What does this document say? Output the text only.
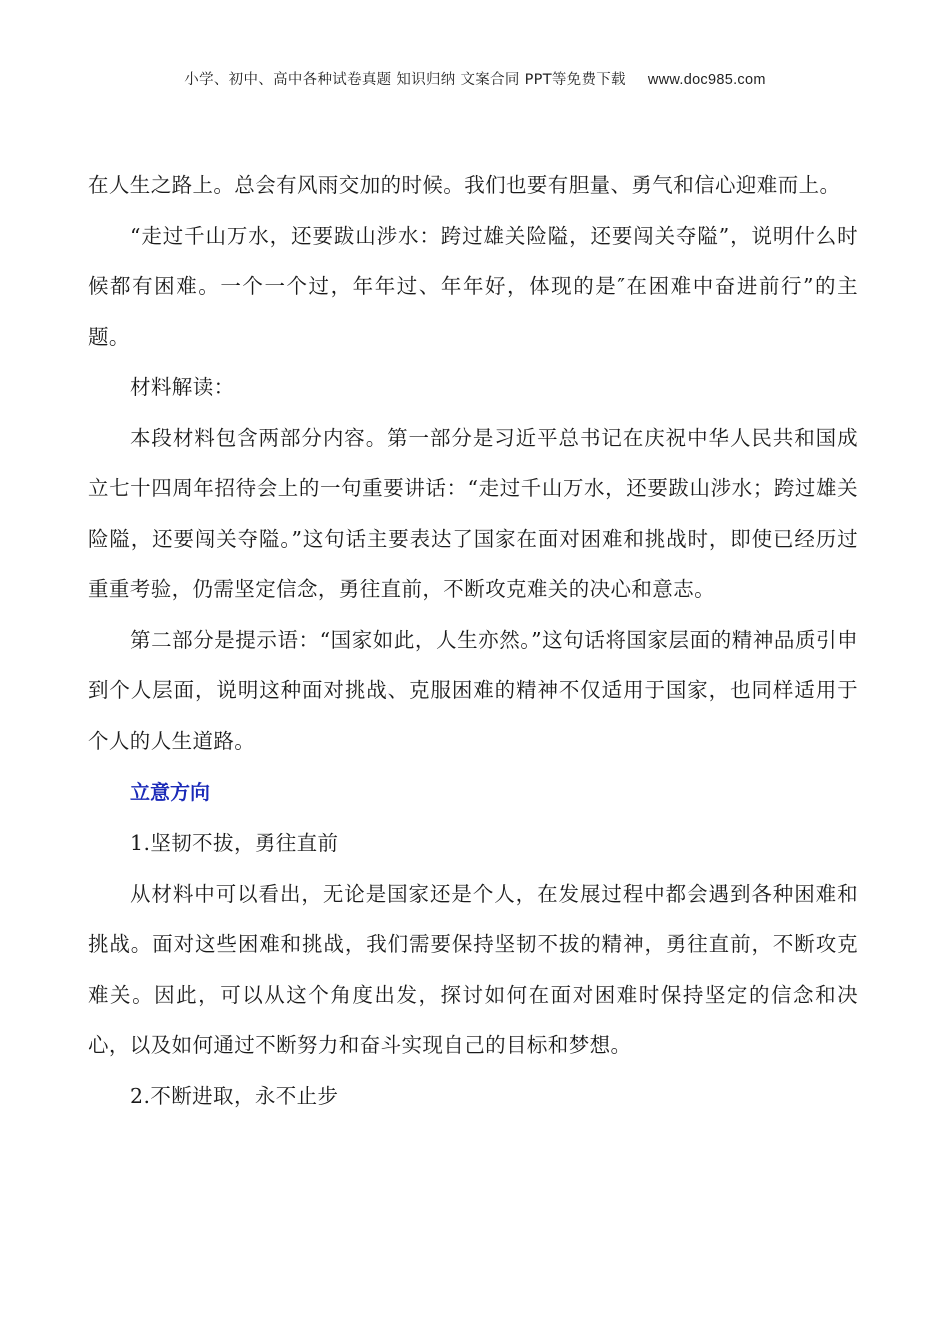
小学、初中、高中各种试卷真题 知识归纳 文案合同 PPT等免费下载 www.doc985.com

在人生之路上。总会有风雨交加的时候。我们也要有胆量、勇气和信心迎难而上。

“走过千山万水，还要跋山涉水：跨过雄关险隘，还要闯关夺隘”，说明什么时候都有困难。一个一个过，年年过、年年好，体现的是″在困难中奋进前行”的主题。

材料解读：

本段材料包含两部分内容。第一部分是习近平总书记在庆祝中华人民共和国成立七十四周年招待会上的一句重要讲话：“走过千山万水，还要跋山涉水；跨过雄关险隘，还要闯关夺隘。”这句话主要表达了国家在面对困难和挑战时，即使已经历过重重考验，仍需坚定信念，勇往直前，不断攻克难关的决心和意志。

第二部分是提示语：“国家如此，人生亦然。”这句话将国家层面的精神品质引申到个人层面，说明这种面对挑战、克服困难的精神不仅适用于国家，也同样适用于个人的人生道路。

立意方向

1.坚韧不拔，勇往直前

从材料中可以看出，无论是国家还是个人，在发展过程中都会遇到各种困难和挑战。面对这些困难和挑战，我们需要保持坚韧不拔的精神，勇往直前，不断攻克难关。因此，可以从这个角度出发，探讨如何在面对困难时保持坚定的信念和决心，以及如何通过不断努力和奋斗实现自己的目标和梦想。

2.不断进取，永不止步
